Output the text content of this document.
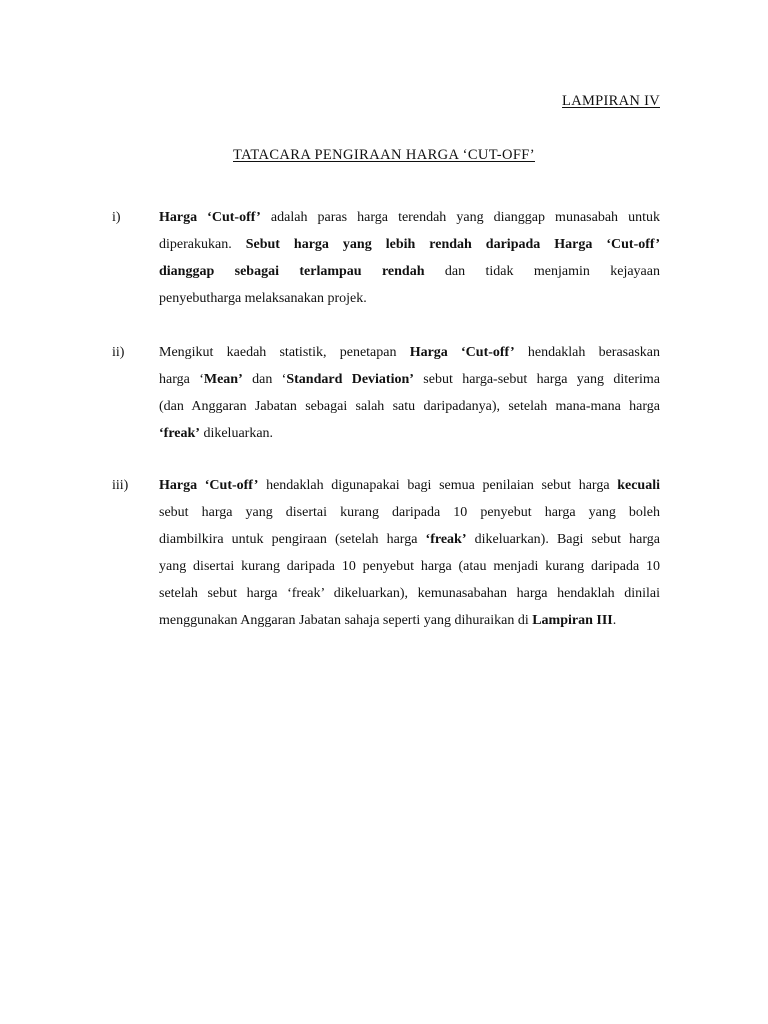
LAMPIRAN IV
TATACARA PENGIRAAN HARGA ‘CUT-OFF’
i)	Harga ‘Cut-off’ adalah paras harga terendah yang dianggap munasabah untuk
diperakukan. Sebut harga yang lebih rendah daripada Harga ‘Cut-off’
dianggap sebagai terlampau rendah dan tidak menjamin kejayaan
penyebutharga melaksanakan projek.
ii) Mengikut kaedah statistik, penetapan Harga ‘Cut-off’ hendaklah berasaskan
harga ‘Mean’ dan ‘Standard Deviation’ sebut harga-sebut harga yang diterima
(dan Anggaran Jabatan sebagai salah satu daripadanya), setelah mana-mana harga
‘freak’ dikeluarkan.
iii) Harga ‘Cut-off’ hendaklah digunapakai bagi semua penilaian sebut harga kecuali
sebut harga yang disertai kurang daripada 10 penyebut harga yang boleh
diambilkira untuk pengiraan (setelah harga ‘freak’ dikeluarkan). Bagi sebut harga
yang disertai kurang daripada 10 penyebut harga (atau menjadi kurang daripada 10
setelah sebut harga ‘freak’ dikeluarkan), kemunasabahan harga hendaklah dinilai
menggunakan Anggaran Jabatan sahaja seperti yang dihuraikan di Lampiran III.
